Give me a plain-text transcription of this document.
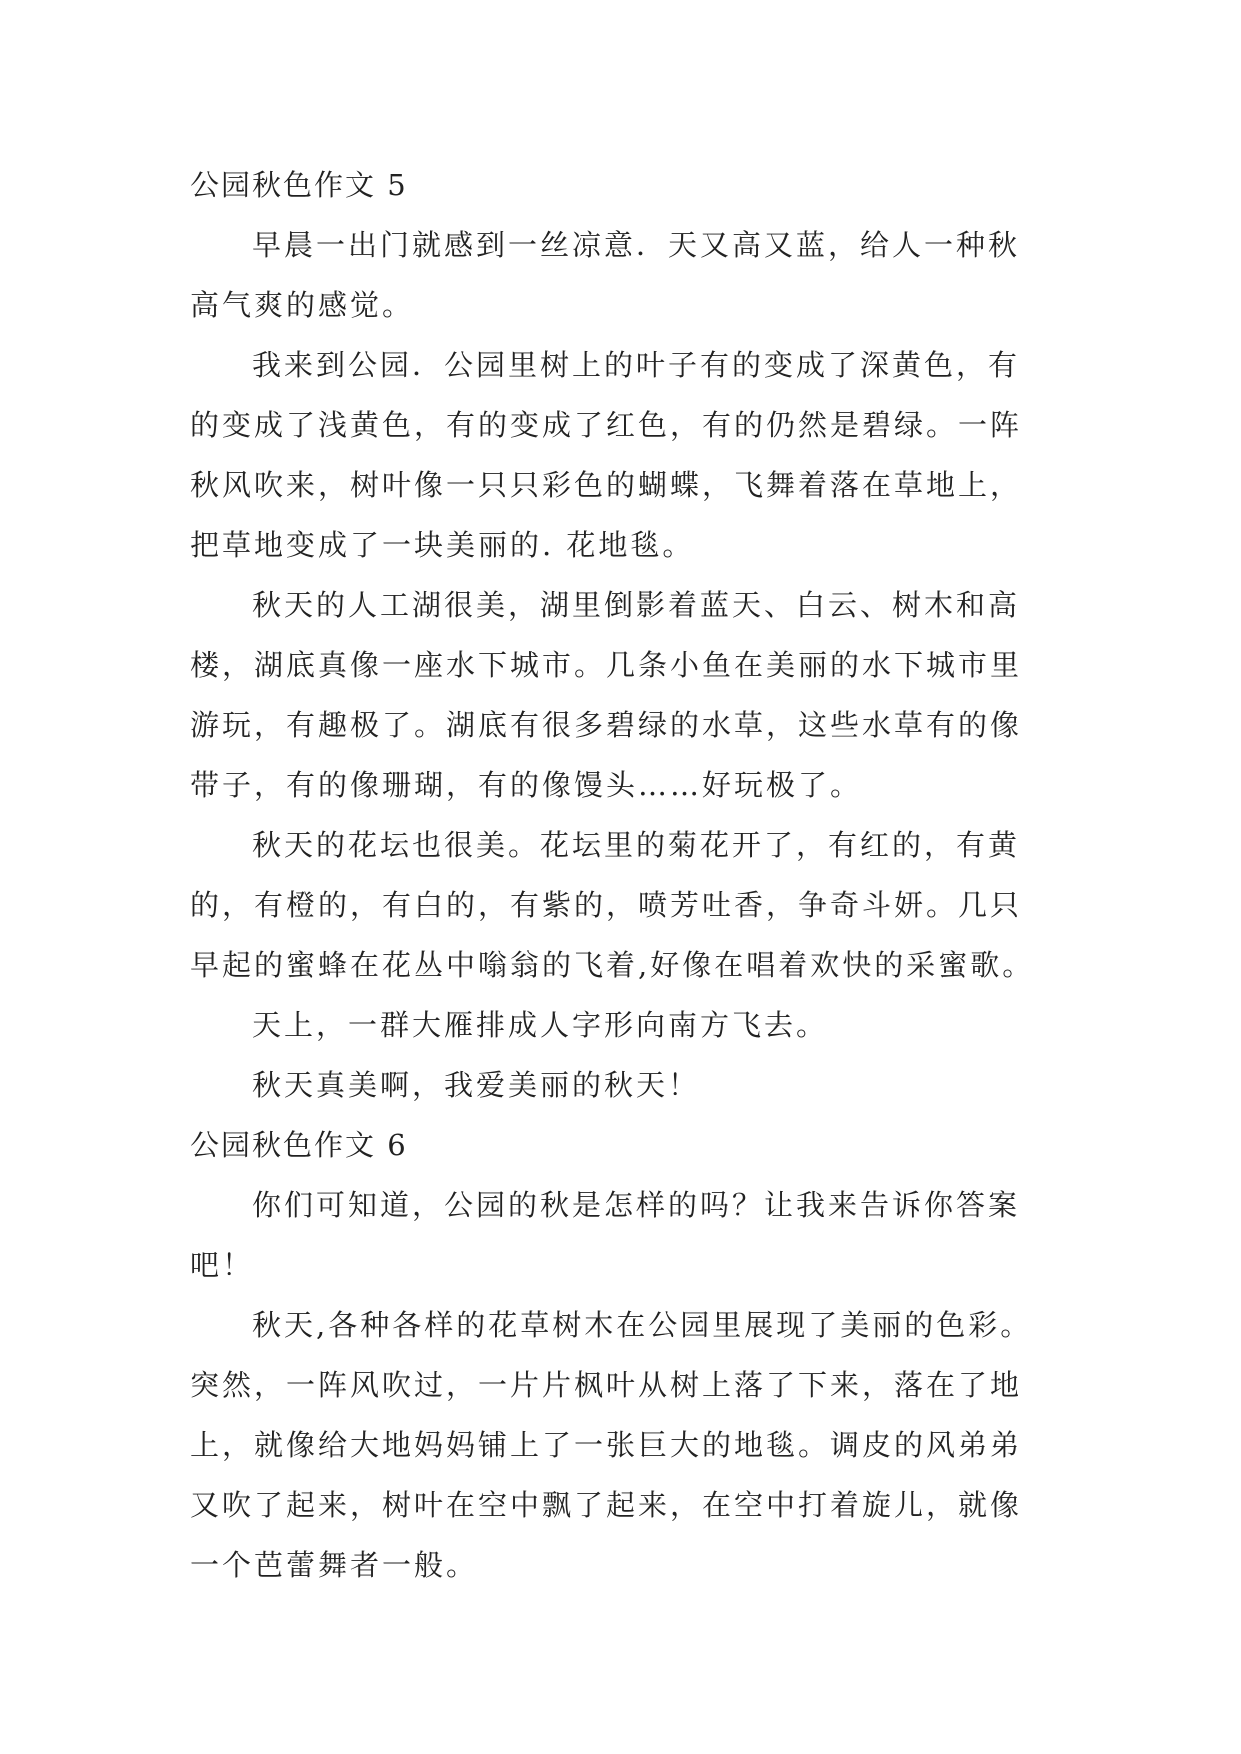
公园秋色作文 5
早晨一出门就感到一丝凉意．天又高又蓝，给人一种秋
高气爽的感觉。
我来到公园．公园里树上的叶子有的变成了深黄色，有
的变成了浅黄色，有的变成了红色，有的仍然是碧绿。一阵
秋风吹来，树叶像一只只彩色的蝴蝶，飞舞着落在草地上，
把草地变成了一块美丽的. 花地毯。
秋天的人工湖很美，湖里倒影着蓝天、白云、树木和高
楼，湖底真像一座水下城市。几条小鱼在美丽的水下城市里
游玩，有趣极了。湖底有很多碧绿的水草，这些水草有的像
带子，有的像珊瑚，有的像馒头……好玩极了。
秋天的花坛也很美。花坛里的菊花开了，有红的，有黄
的，有橙的，有白的，有紫的，喷芳吐香，争奇斗妍。几只
早起的蜜蜂在花丛中嗡翁的飞着,好像在唱着欢快的采蜜歌。
天上，一群大雁排成人字形向南方飞去。
秋天真美啊，我爱美丽的秋天！
公园秋色作文 6
你们可知道，公园的秋是怎样的吗？让我来告诉你答案
吧！
秋天,各种各样的花草树木在公园里展现了美丽的色彩。
突然，一阵风吹过，一片片枫叶从树上落了下来，落在了地
上，就像给大地妈妈铺上了一张巨大的地毯。调皮的风弟弟
又吹了起来，树叶在空中飘了起来，在空中打着旋儿，就像
一个芭蕾舞者一般。
